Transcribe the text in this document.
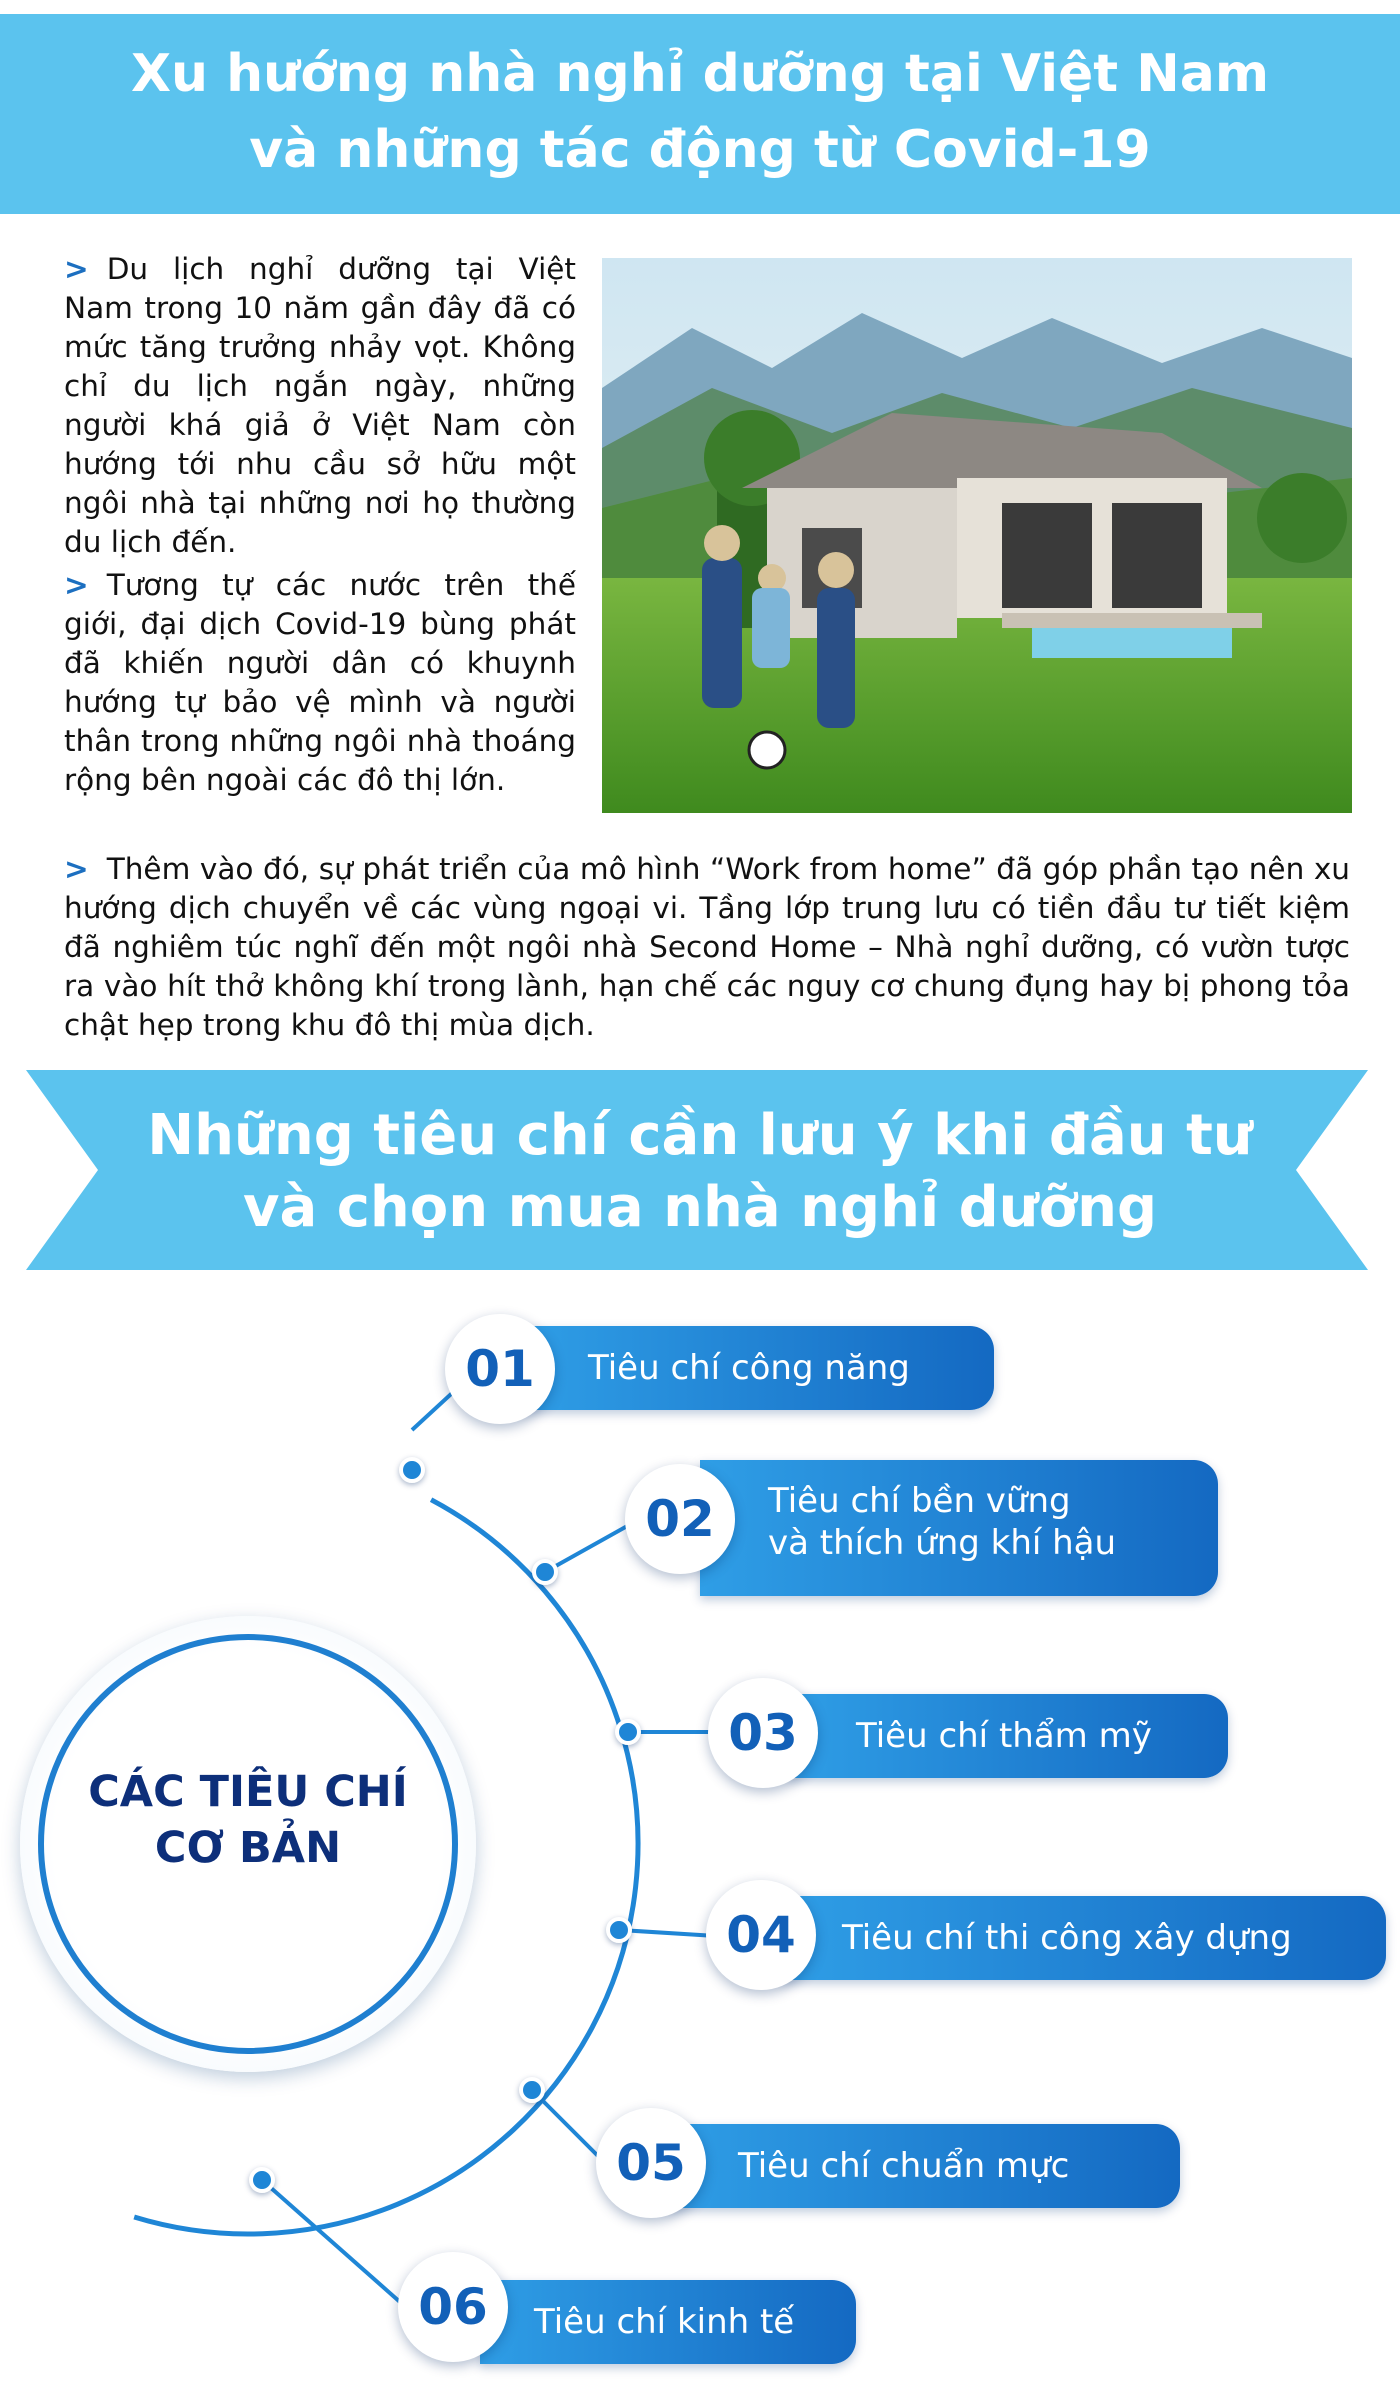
Xu hướng nhà nghỉ dưỡng tại Việt Nam
và những tác động từ Covid-19
> Du lịch nghỉ dưỡng tại Việt Nam trong 10 năm gần đây đã có mức tăng trưởng nhảy vọt. Không chỉ du lịch ngắn ngày, những người khá giả ở Việt Nam còn hướng tới nhu cầu sở hữu một ngôi nhà tại những nơi họ thường du lịch đến.
> Tương tự các nước trên thế giới, đại dịch Covid-19 bùng phát đã khiến người dân có khuynh hướng tự bảo vệ mình và người thân trong những ngôi nhà thoáng rộng bên ngoài các đô thị lớn.
> Thêm vào đó, sự phát triển của mô hình “Work from home” đã góp phần tạo nên xu hướng dịch chuyển về các vùng ngoại vi. Tầng lớp trung lưu có tiền đầu tư tiết kiệm đã nghiêm túc nghĩ đến một ngôi nhà Second Home – Nhà nghỉ dưỡng, có vườn tược ra vào hít thở không khí trong lành, hạn chế các nguy cơ chung đụng hay bị phong tỏa chật hẹp trong khu đô thị mùa dịch.
Những tiêu chí cần lưu ý khi đầu tư
và chọn mua nhà nghỉ dưỡng
CÁC TIÊU CHÍ
CƠ BẢN
Tiêu chí công năng
01
Tiêu chí bền vững
và thích ứng khí hậu
02
Tiêu chí thẩm mỹ
03
Tiêu chí thi công xây dựng
04
Tiêu chí chuẩn mực
05
Tiêu chí kinh tế
06
